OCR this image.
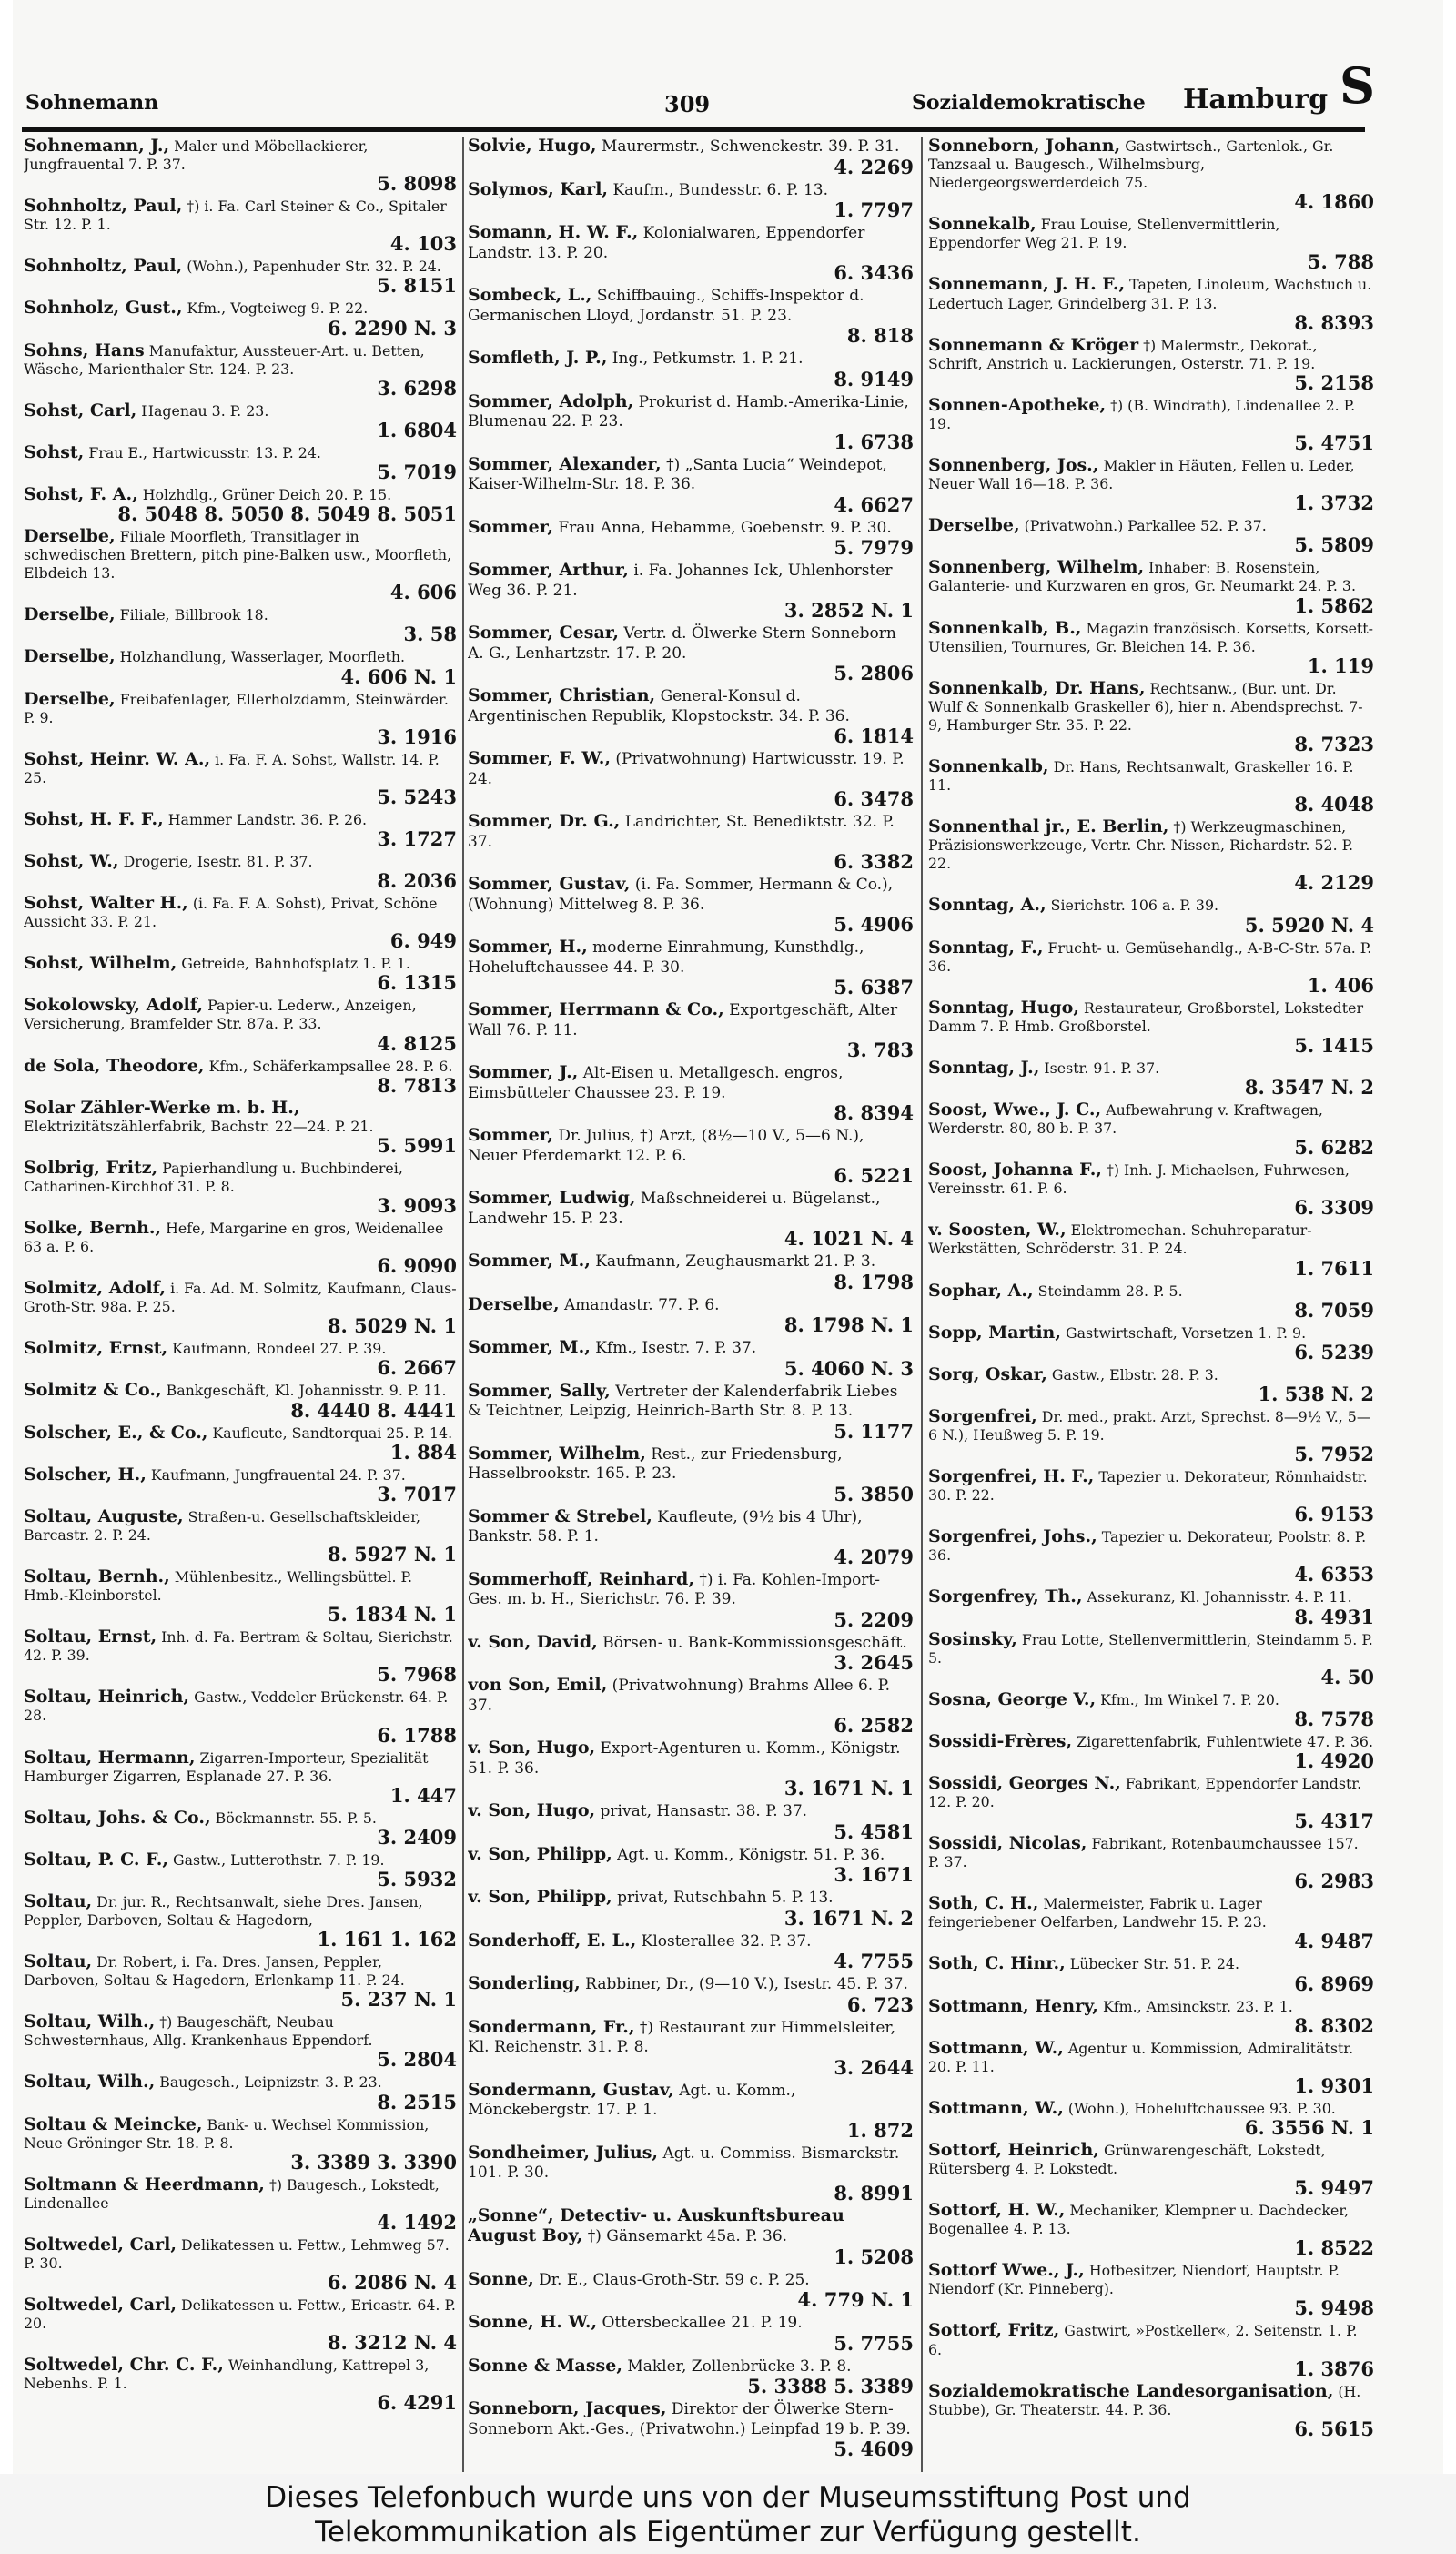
Sohnemann	309	Sozialdemokratische Hamburg S
Sohnemann, J., Maler und Möbellackierer, Jungfrauental 7. P. 37.
5. 8098
Sohnholtz, Paul, †) i. Fa. Carl Steiner & Co., Spitaler Str. 12. P. 1.
4. 103
Sohnholtz, Paul, (Wohn.), Papenhuder Str. 32. P. 24.
5. 8151
Sohnholz, Gust., Kfm., Vogteiweg 9. P. 22.
6. 2290 N. 3
Sohns, Hans Manufaktur, Aussteuer-Art. u. Betten, Wäsche, Marienthaler Str. 124. P. 23.
3. 6298
Sohst, Carl, Hagenau 3. P. 23.
1. 6804
Sohst, Frau E., Hartwicusstr. 13. P. 24.
5. 7019
Sohst, F. A., Holzhdlg., Grüner Deich 20. P. 15.
8. 5048 8. 5050 8. 5049 8. 5051
Derselbe, Filiale Moorfleth, Transitlager in schwedischen Brettern, pitch pine-Balken usw., Moorfleth, Elbdeich 13.
4. 606
Derselbe, Filiale, Billbrook 18.
3. 58
Derselbe, Holzhandlung, Wasserlager, Moorfleth.
4. 606 N. 1
Derselbe, Freibafenlager, Ellerholzdamm, Steinwärder. P. 9.
3. 1916
Sohst, Heinr. W. A., i. Fa. F. A. Sohst, Wallstr. 14. P. 25.
5. 5243
Sohst, H. F. F., Hammer Landstr. 36. P. 26.
3. 1727
Sohst, W., Drogerie, Isestr. 81. P. 37.
8. 2036
Sohst, Walter H., (i. Fa. F. A. Sohst), Privat, Schöne Aussicht 33. P. 21.
6. 949
Sohst, Wilhelm, Getreide, Bahnhofsplatz 1. P. 1.
6. 1315
Sokolowsky, Adolf, Papier-u. Lederw., Anzeigen, Versicherung, Bramfelder Str. 87a. P. 33.
4. 8125
de Sola, Theodore, Kfm., Schäferkampsallee 28. P. 6.
8. 7813
Solar Zähler-Werke m. b. H., Elektrizitätszählerfabrik, Bachstr. 22—24. P. 21.
5. 5991
Solbrig, Fritz, Papierhandlung u. Buchbinderei, Catharinen-Kirchhof 31. P. 8.
3. 9093
Solke, Bernh., Hefe, Margarine en gros, Weidenallee 63 a. P. 6.
6. 9090
Solmitz, Adolf, i. Fa. Ad. M. Solmitz, Kaufmann, Claus-Groth-Str. 98a. P. 25.
8. 5029 N. 1
Solmitz, Ernst, Kaufmann, Rondeel 27. P. 39.
6. 2667
Solmitz & Co., Bankgeschäft, Kl. Johannisstr. 9. P. 11.
8. 4440 8. 4441
Solscher, E., & Co., Kaufleute, Sandtorquai 25. P. 14.
1. 884
Solscher, H., Kaufmann, Jungfrauental 24. P. 37.
3. 7017
Soltau, Auguste, Straßen-u. Gesellschaftskleider, Barcastr. 2. P. 24.
8. 5927 N. 1
Soltau, Bernh., Mühlenbesitz., Wellingsbüttel. P. Hmb.-Kleinborstel.
5. 1834 N. 1
Soltau, Ernst, Inh. d. Fa. Bertram & Soltau, Sierichstr. 42. P. 39.
5. 7968
Soltau, Heinrich, Gastw., Veddeler Brückenstr. 64. P. 28.
6. 1788
Soltau, Hermann, Zigarren-Importeur, Spezialität Hamburger Zigarren, Esplanade 27. P. 36.
1. 447
Soltau, Johs. & Co., Böckmannstr. 55. P. 5.
3. 2409
Soltau, P. C. F., Gastw., Lutterothstr. 7. P. 19.
5. 5932
Soltau, Dr. jur. R., Rechtsanwalt, siehe Dres. Jansen, Peppler, Darboven, Soltau & Hagedorn,
1. 161 1. 162
Soltau, Dr. Robert, i. Fa. Dres. Jansen, Peppler, Darboven, Soltau & Hagedorn, Erlenkamp 11. P. 24.
5. 237 N. 1
Soltau, Wilh., †) Baugeschäft, Neubau Schwesternhaus, Allg. Krankenhaus Eppendorf.
5. 2804
Soltau, Wilh., Baugesch., Leipnizstr. 3. P. 23.
8. 2515
Soltau & Meincke, Bank- u. Wechsel Kommission, Neue Gröninger Str. 18. P. 8.
3. 3389 3. 3390
Soltmann & Heerdmann, †) Baugesch., Lokstedt, Lindenallee
4. 1492
Soltwedel, Carl, Delikatessen u. Fettw., Lehmweg 57. P. 30.
6. 2086 N. 4
Soltwedel, Carl, Delikatessen u. Fettw., Ericastr. 64. P. 20.
8. 3212 N. 4
Soltwedel, Chr. C. F., Weinhandlung, Kattrepel 3, Nebenhs. P. 1.
6. 4291
Solvie, Hugo, Maurermstr., Schwenckestr. 39. P. 31.
4. 2269
Solymos, Karl, Kaufm., Bundesstr. 6. P. 13.
1. 7797
Somann, H. W. F., Kolonialwaren, Eppendorfer Landstr. 13. P. 20.
6. 3436
Sombeck, L., Schiffbauing., Schiffs-Inspektor d. Germanischen Lloyd, Jordanstr. 51. P. 23.
8. 818
Somfleth, J. P., Ing., Petkumstr. 1. P. 21.
8. 9149
Sommer, Adolph, Prokurist d. Hamb.-Amerika-Linie, Blumenau 22. P. 23.
1. 6738
Sommer, Alexander, †) „Santa Lucia“ Weindepot, Kaiser-Wilhelm-Str. 18. P. 36.
4. 6627
Sommer, Frau Anna, Hebamme, Goebenstr. 9. P. 30.
5. 7979
Sommer, Arthur, i. Fa. Johannes Ick, Uhlenhorster Weg 36. P. 21.
3. 2852 N. 1
Sommer, Cesar, Vertr. d. Ölwerke Stern Sonneborn A. G., Lenhartzstr. 17. P. 20.
5. 2806
Sommer, Christian, General-Konsul d. Argentinischen Republik, Klopstockstr. 34. P. 36.
6. 1814
Sommer, F. W., (Privatwohnung) Hartwicusstr. 19. P. 24.
6. 3478
Sommer, Dr. G., Landrichter, St. Benediktstr. 32. P. 37.
6. 3382
Sommer, Gustav, (i. Fa. Sommer, Hermann & Co.), (Wohnung) Mittelweg 8. P. 36.
5. 4906
Sommer, H., moderne Einrahmung, Kunsthdlg., Hoheluftchaussee 44. P. 30.
5. 6387
Sommer, Herrmann & Co., Exportgeschäft, Alter Wall 76. P. 11.
3. 783
Sommer, J., Alt-Eisen u. Metallgesch. engros, Eimsbütteler Chaussee 23. P. 19.
8. 8394
Sommer, Dr. Julius, †) Arzt, (8½—10 V., 5—6 N.), Neuer Pferdemarkt 12. P. 6.
6. 5221
Sommer, Ludwig, Maßschneiderei u. Bügelanst., Landwehr 15. P. 23.
4. 1021 N. 4
Sommer, M., Kaufmann, Zeughausmarkt 21. P. 3.
8. 1798
Derselbe, Amandastr. 77. P. 6.
8. 1798 N. 1
Sommer, M., Kfm., Isestr. 7. P. 37.
5. 4060 N. 3
Sommer, Sally, Vertreter der Kalenderfabrik Liebes & Teichtner, Leipzig, Heinrich-Barth Str. 8. P. 13.
5. 1177
Sommer, Wilhelm, Rest., zur Friedensburg, Hasselbrookstr. 165. P. 23.
5. 3850
Sommer & Strebel, Kaufleute, (9½ bis 4 Uhr), Bankstr. 58. P. 1.
4. 2079
Sommerhoff, Reinhard, †) i. Fa. Kohlen-Import-Ges. m. b. H., Sierichstr. 76. P. 39.
5. 2209
v. Son, David, Börsen- u. Bank-Kommissionsgeschäft.
3. 2645
von Son, Emil, (Privatwohnung) Brahms Allee 6. P. 37.
6. 2582
v. Son, Hugo, Export-Agenturen u. Komm., Königstr. 51. P. 36.
3. 1671 N. 1
v. Son, Hugo, privat, Hansastr. 38. P. 37.
5. 4581
v. Son, Philipp, Agt. u. Komm., Königstr. 51. P. 36.
3. 1671
v. Son, Philipp, privat, Rutschbahn 5. P. 13.
3. 1671 N. 2
Sonderhoff, E. L., Klosterallee 32. P. 37.
4. 7755
Sonderling, Rabbiner, Dr., (9—10 V.), Isestr. 45. P. 37.
6. 723
Sondermann, Fr., †) Restaurant zur Himmelsleiter, Kl. Reichenstr. 31. P. 8.
3. 2644
Sondermann, Gustav, Agt. u. Komm., Mönckebergstr. 17. P. 1.
1. 872
Sondheimer, Julius, Agt. u. Commiss. Bismarckstr. 101. P. 30.
8. 8991
„Sonne“, Detectiv- u. Auskunftsbureau August Boy, †) Gänsemarkt 45a. P. 36.
1. 5208
Sonne, Dr. E., Claus-Groth-Str. 59 c. P. 25.
4. 779 N. 1
Sonne, H. W., Ottersbeckallee 21. P. 19.
5. 7755
Sonne & Masse, Makler, Zollenbrücke 3. P. 8.
5. 3388 5. 3389
Sonneborn, Jacques, Direktor der Ölwerke Stern-Sonneborn Akt.-Ges., (Privatwohn.) Leinpfad 19 b. P. 39.
5. 4609
Sonneborn, Johann, Gastwirtsch., Gartenlok., Gr. Tanzsaal u. Baugesch., Wilhelmsburg, Niedergeorgswerderdeich 75.
4. 1860
Sonnekalb, Frau Louise, Stellenvermittlerin, Eppendorfer Weg 21. P. 19.
5. 788
Sonnemann, J. H. F., Tapeten, Linoleum, Wachstuch u. Ledertuch Lager, Grindelberg 31. P. 13.
8. 8393
Sonnemann & Kröger †) Malermstr., Dekorat., Schrift, Anstrich u. Lackierungen, Osterstr. 71. P. 19.
5. 2158
Sonnen-Apotheke, †) (B. Windrath), Lindenallee 2. P. 19.
5. 4751
Sonnenberg, Jos., Makler in Häuten, Fellen u. Leder, Neuer Wall 16—18. P. 36.
1. 3732
Derselbe, (Privatwohn.) Parkallee 52. P. 37.
5. 5809
Sonnenberg, Wilhelm, Inhaber: B. Rosenstein, Galanterie- und Kurzwaren en gros, Gr. Neumarkt 24. P. 3.
1. 5862
Sonnenkalb, B., Magazin französisch. Korsetts, Korsett-Utensilien, Tournures, Gr. Bleichen 14. P. 36.
1. 119
Sonnenkalb, Dr. Hans, Rechtsanw., (Bur. unt. Dr. Wulf & Sonnenkalb Graskeller 6), hier n. Abendsprechst. 7-9, Hamburger Str. 35. P. 22.
8. 7323
Sonnenkalb, Dr. Hans, Rechtsanwalt, Graskeller 16. P. 11.
8. 4048
Sonnenthal jr., E. Berlin, †) Werkzeugmaschinen, Präzisionswerkzeuge, Vertr. Chr. Nissen, Richardstr. 52. P. 22.
4. 2129
Sonntag, A., Sierichstr. 106 a. P. 39.
5. 5920 N. 4
Sonntag, F., Frucht- u. Gemüsehandlg., A-B-C-Str. 57a. P. 36.
1. 406
Sonntag, Hugo, Restaurateur, Großborstel, Lokstedter Damm 7. P. Hmb. Großborstel.
5. 1415
Sonntag, J., Isestr. 91. P. 37.
8. 3547 N. 2
Soost, Wwe., J. C., Aufbewahrung v. Kraftwagen, Werderstr. 80, 80 b. P. 37.
5. 6282
Soost, Johanna F., †) Inh. J. Michaelsen, Fuhrwesen, Vereinsstr. 61. P. 6.
6. 3309
v. Soosten, W., Elektromechan. Schuhreparatur-Werkstätten, Schröderstr. 31. P. 24.
1. 7611
Sophar, A., Steindamm 28. P. 5.
8. 7059
Sopp, Martin, Gastwirtschaft, Vorsetzen 1. P. 9.
6. 5239
Sorg, Oskar, Gastw., Elbstr. 28. P. 3.
1. 538 N. 2
Sorgenfrei, Dr. med., prakt. Arzt, Sprechst. 8—9½ V., 5—6 N.), Heußweg 5. P. 19.
5. 7952
Sorgenfrei, H. F., Tapezier u. Dekorateur, Rönnhaidstr. 30. P. 22.
6. 9153
Sorgenfrei, Johs., Tapezier u. Dekorateur, Poolstr. 8. P. 36.
4. 6353
Sorgenfrey, Th., Assekuranz, Kl. Johannisstr. 4. P. 11.
8. 4931
Sosinsky, Frau Lotte, Stellenvermittlerin, Steindamm 5. P. 5.
4. 50
Sosna, George V., Kfm., Im Winkel 7. P. 20.
8. 7578
Sossidi-Frères, Zigarettenfabrik, Fuhlentwiete 47. P. 36.
1. 4920
Sossidi, Georges N., Fabrikant, Eppendorfer Landstr. 12. P. 20.
5. 4317
Sossidi, Nicolas, Fabrikant, Rotenbaumchaussee 157. P. 37.
6. 2983
Soth, C. H., Malermeister, Fabrik u. Lager feingeriebener Oelfarben, Landwehr 15. P. 23.
4. 9487
Soth, C. Hinr., Lübecker Str. 51. P. 24.
6. 8969
Sottmann, Henry, Kfm., Amsinckstr. 23. P. 1.
8. 8302
Sottmann, W., Agentur u. Kommission, Admiralitätstr. 20. P. 11.
1. 9301
Sottmann, W., (Wohn.), Hoheluftchaussee 93. P. 30.
6. 3556 N. 1
Sottorf, Heinrich, Grünwarengeschäft, Lokstedt, Rütersberg 4. P. Lokstedt.
5. 9497
Sottorf, H. W., Mechaniker, Klempner u. Dachdecker, Bogenallee 4. P. 13.
1. 8522
Sottorf Wwe., J., Hofbesitzer, Niendorf, Hauptstr. P. Niendorf (Kr. Pinneberg).
5. 9498
Sottorf, Fritz, Gastwirt, »Postkeller«, 2. Seitenstr. 1. P. 6.
1. 3876
Sozialdemokratische Landesorganisation, (H. Stubbe), Gr. Theaterstr. 44. P. 36.
6. 5615
Dieses Telefonbuch wurde uns von der Museumsstiftung Post und
Telekommunikation als Eigentümer zur Verfügung gestellt.
